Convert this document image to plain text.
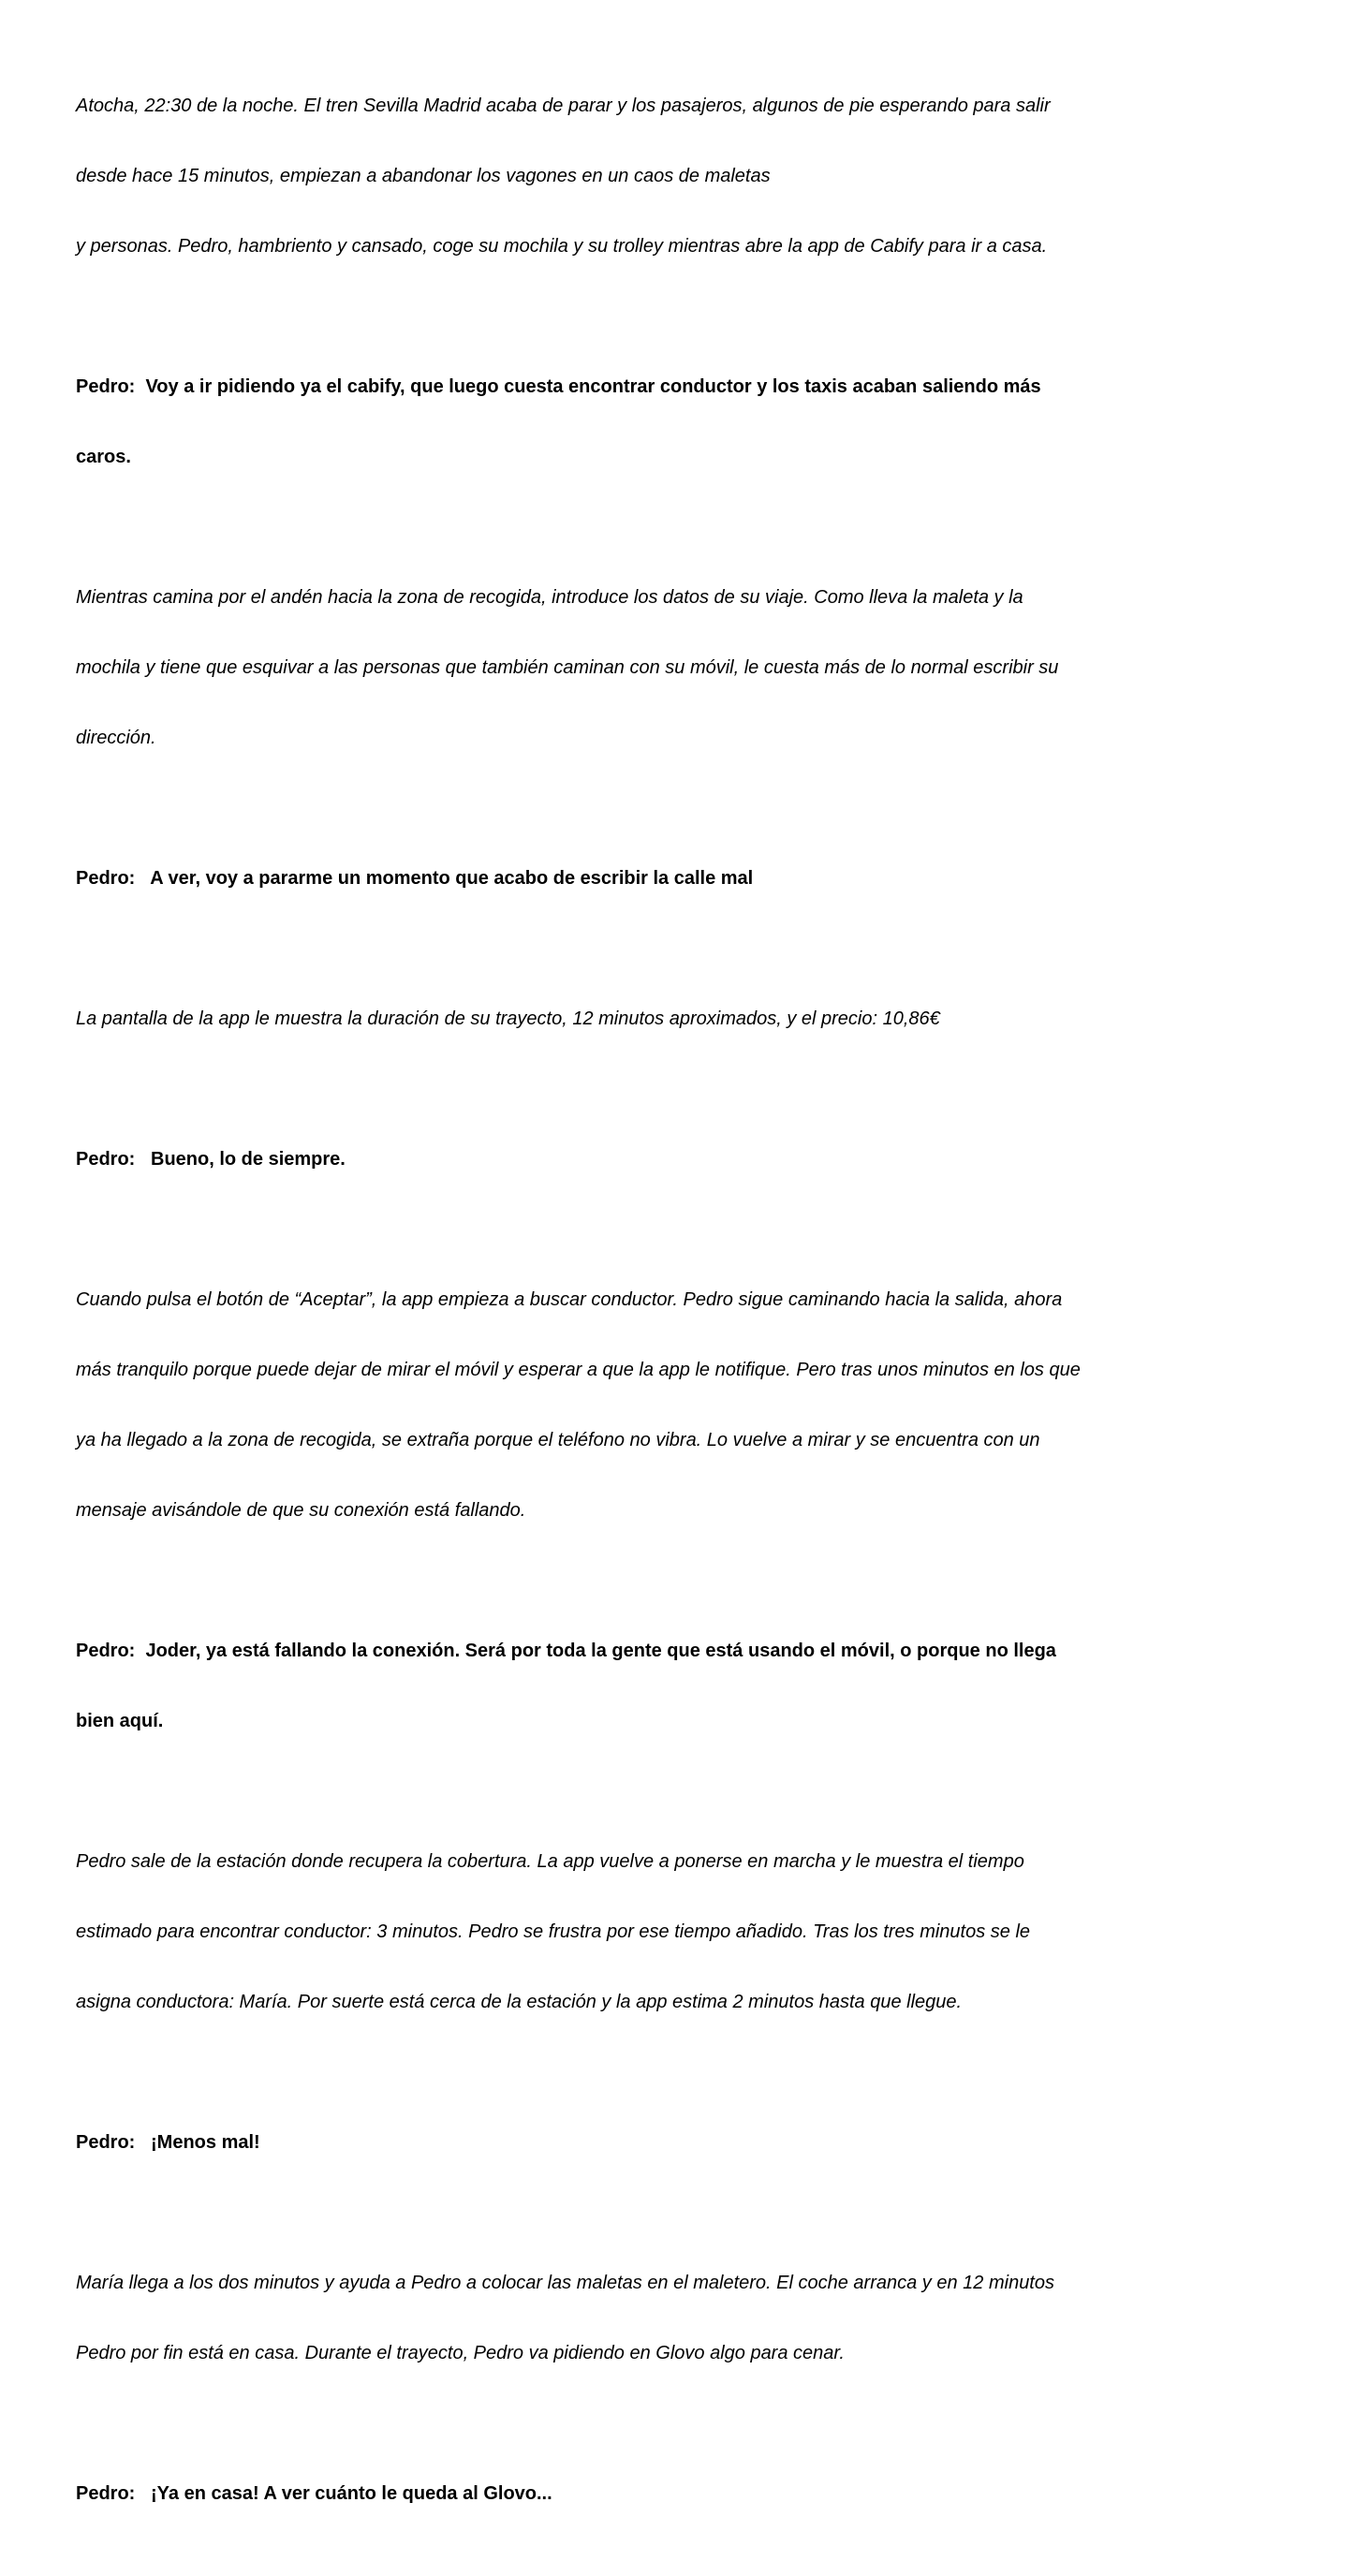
Atocha, 22:30 de la noche. El tren Sevilla Madrid acaba de parar y los pasajeros, algunos de pie esperando para salir

desde hace 15 minutos, empiezan a abandonar los vagones en un caos de maletas

y personas. Pedro, hambriento y cansado, coge su mochila y su trolley mientras abre la app de Cabify para ir a casa.

Pedro:  Voy a ir pidiendo ya el cabify, que luego cuesta encontrar conductor y los taxis acaban saliendo más

caros.

Mientras camina por el andén hacia la zona de recogida, introduce los datos de su viaje. Como lleva la maleta y la

mochila y tiene que esquivar a las personas que también caminan con su móvil, le cuesta más de lo normal escribir su

dirección.

Pedro:   A ver, voy a pararme un momento que acabo de escribir la calle mal

La pantalla de la app le muestra la duración de su trayecto, 12 minutos aproximados, y el precio: 10,86€

Pedro:   Bueno, lo de siempre.

Cuando pulsa el botón de “Aceptar”, la app empieza a buscar conductor. Pedro sigue caminando hacia la salida, ahora

más tranquilo porque puede dejar de mirar el móvil y esperar a que la app le notifique. Pero tras unos minutos en los que

ya ha llegado a la zona de recogida, se extraña porque el teléfono no vibra. Lo vuelve a mirar y se encuentra con un

mensaje avisándole de que su conexión está fallando.

Pedro:  Joder, ya está fallando la conexión. Será por toda la gente que está usando el móvil, o porque no llega

bien aquí.

Pedro sale de la estación donde recupera la cobertura. La app vuelve a ponerse en marcha y le muestra el tiempo

estimado para encontrar conductor: 3 minutos. Pedro se frustra por ese tiempo añadido. Tras los tres minutos se le

asigna conductora: María. Por suerte está cerca de la estación y la app estima 2 minutos hasta que llegue.

Pedro:   ¡Menos mal!

María llega a los dos minutos y ayuda a Pedro a colocar las maletas en el maletero. El coche arranca y en 12 minutos

Pedro por fin está en casa. Durante el trayecto, Pedro va pidiendo en Glovo algo para cenar.

Pedro:   ¡Ya en casa! A ver cuánto le queda al Glovo...
